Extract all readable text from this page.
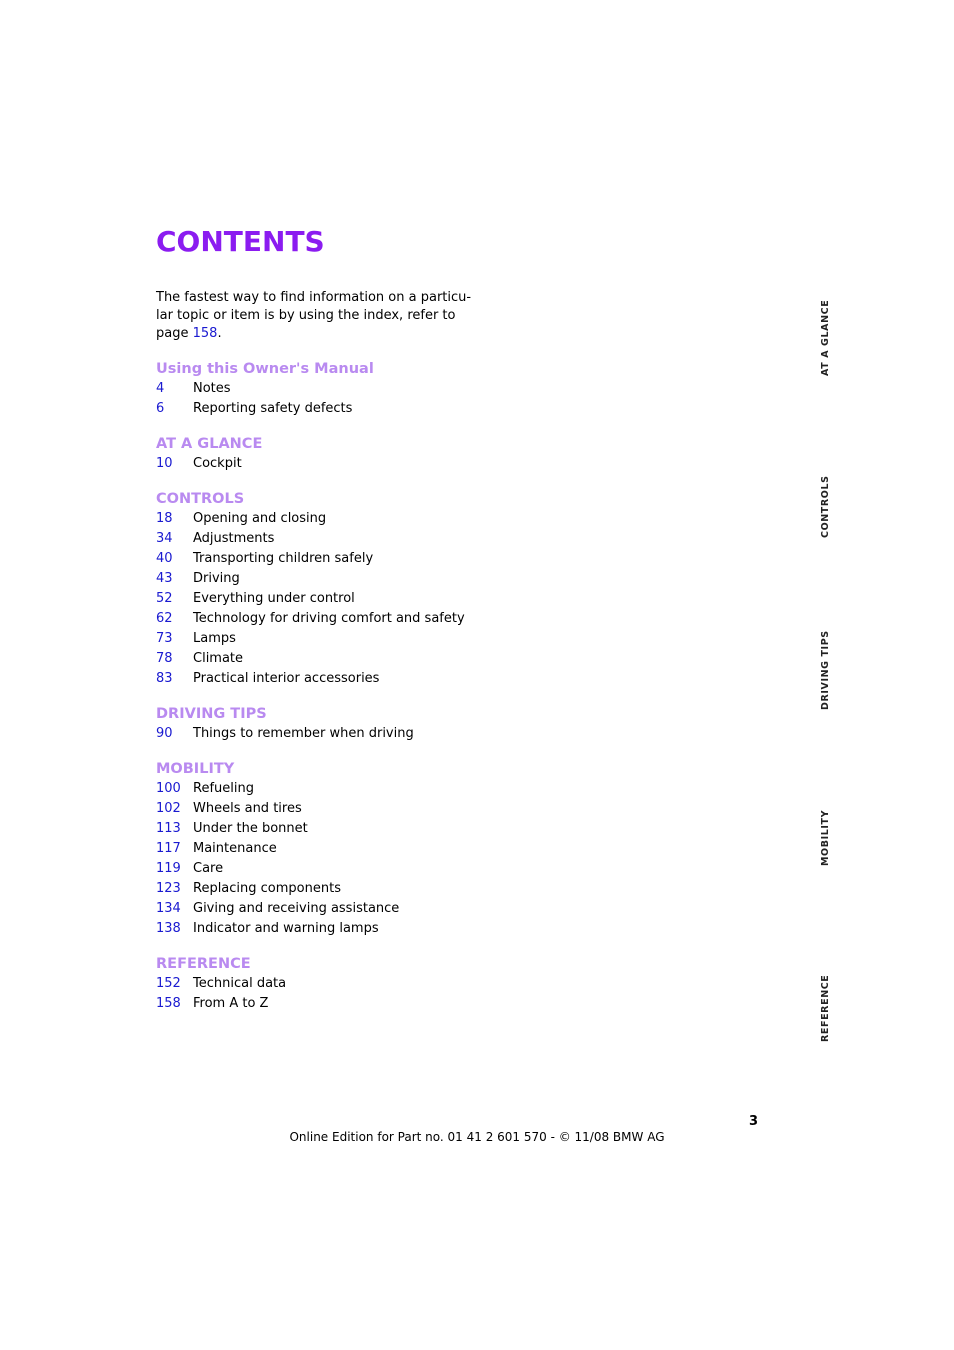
CONTENTS

The fastest way to find information on a particu-
lar topic or item is by using the index, refer to
page 158.

Using this Owner's Manual
4	Notes
6	Reporting safety defects
AT A GLANCE
10	Cockpit
CONTROLS
18	Opening and closing
34	Adjustments
40	Transporting children safely
43	Driving
52	Everything under control
62	Technology for driving comfort and safety
73	Lamps
78	Climate
83	Practical interior accessories
DRIVING TIPS
90	Things to remember when driving
MOBILITY
100 Refueling
102 Wheels and tires
113 Under the bonnet
117 Maintenance
119 Care
123 Replacing components
134 Giving and receiving assistance
138 Indicator and warning lamps
REFERENCE
152 Technical data
158 From A to Z
AT A GLANCE
CONTROLS
DRIVING TIPS
MOBILITY
REFERENCE
3
Online Edition for Part no. 01 41 2 601 570 - © 11/08 BMW AG
